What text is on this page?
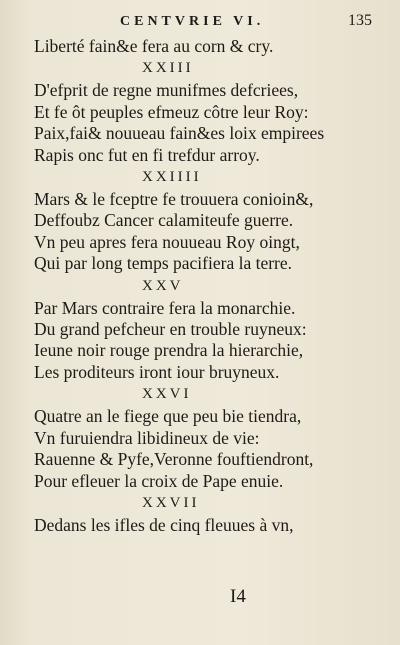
CENTVRIE VI.	135
Liberté fain&e fera au corn & cry.
XXIII
D'efprit de regne munifmes defcriees,
Et fe ôt peuples efmeuz côtre leur Roy:
Paix,fai& nouueau fain&es loix empirees
Rapis onc fut en fi trefdur arroy.
XXIIII
Mars & le fceptre fe trouuera conioin&,
Deffoubz Cancer calamiteufe guerre.
Vn peu apres fera nouueau Roy oingt,
Qui par long temps pacifiera la terre.
XXV
Par Mars contraire fera la monarchie.
Du grand pefcheur en trouble ruyneux:
Ieune noir rouge prendra la hierarchie,
Les proditeurs iront iour bruyneux.
XXVI
Quatre an le fiege que peu bie tiendra,
Vn furuiendra libidineux de vie:
Rauenne & Pyfe,Veronne fouftiendront,
Pour efleuer la croix de Pape enuie.
XXVII
Dedans les ifles de cinq fleuues à vn,
I4
